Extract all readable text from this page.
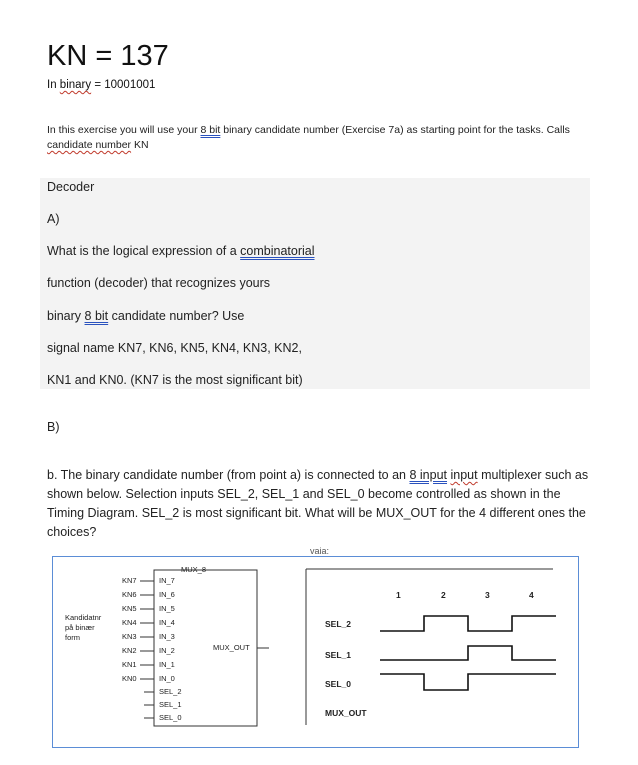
KN = 137
In binary = 10001001
In this exercise you will use your 8 bit binary candidate number (Exercise 7a) as starting point for the tasks. Calls candidate number KN
Decoder
A)
What is the logical expression of a combinatorial
function (decoder) that recognizes yours
binary 8 bit candidate number? Use
signal name KN7, KN6, KN5, KN4, KN3, KN2,
KN1 and KN0. (KN7 is the most significant bit)
B)
b. The binary candidate number (from point a) is connected to an 8 input input multiplexer such as shown below. Selection inputs SEL_2, SEL_1 and SEL_0 become controlled as shown in the Timing Diagram. SEL_2 is most significant bit. What will be MUX_OUT for the 4 different ones the choices?
vaia:
MUX_8
Kandidatnr
på binær
form
KN7
KN6
KN5
KN4
KN3
KN2
KN1
KN0
IN_7
IN_6
IN_5
IN_4
IN_3
IN_2
IN_1
IN_0
SEL_2
SEL_1
SEL_0
MUX_OUT
1	2	3	4
SEL_2
SEL_1
SEL_0
MUX_OUT
